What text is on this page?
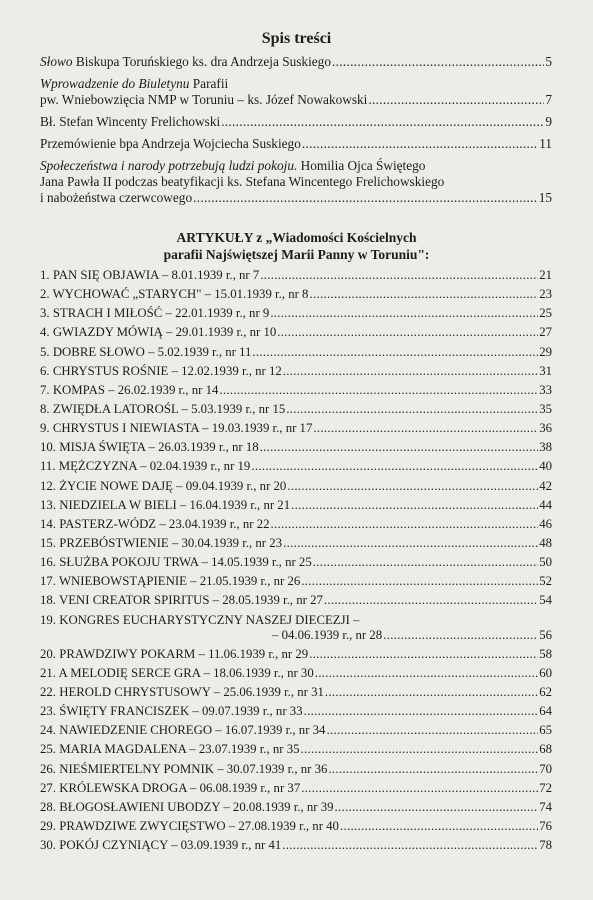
Spis treści
Słowo Biskupa Toruńskiego ks. dra Andrzeja Suskiego .....	5
Wprowadzenie do Biuletynu Parafii
pw. Wniebowzięcia NMP w Toruniu – ks. Józef Nowakowski .....	7
Bł. Stefan Wincenty Frelichowski .....	9
Przemówienie bpa Andrzeja Wojciecha Suskiego .....	11
Społeczeństwa i narody potrzebują ludzi pokoju. Homilia Ojca Świętego
Jana Pawła II podczas beatyfikacji ks. Stefana Wincentego Frelichowskiego
i nabożeństwa czerwcowego .....	15
ARTYKUŁY z „Wiadomości Kościelnych
parafii Najświętszej Marii Panny w Toruniu":
1. PAN SIĘ OBJAWIA – 8.01.1939 r., nr 7 .....	21
2. WYCHOWAĆ „STARYCH" – 15.01.1939 r., nr 8 .....	23
3. STRACH I MIŁOŚĆ – 22.01.1939 r., nr 9 .....	25
4. GWIAZDY MÓWIĄ – 29.01.1939 r., nr 10 .....	27
5. DOBRE SŁOWO – 5.02.1939 r., nr 11 .....	29
6. CHRYSTUS ROŚNIE – 12.02.1939 r., nr 12 .....	31
7. KOMPAS – 26.02.1939 r., nr 14 .....	33
8. ZWIĘDŁA LATOROŚL – 5.03.1939 r., nr 15 .....	35
9. CHRYSTUS I NIEWIASTA – 19.03.1939 r., nr 17 .....	36
10. MISJA ŚWIĘTA – 26.03.1939 r., nr 18 .....	38
11. MĘŻCZYZNA – 02.04.1939 r., nr 19 .....	40
12. ŻYCIE NOWE DAJĘ – 09.04.1939 r., nr 20 .....	42
13. NIEDZIELA W BIELI – 16.04.1939 r., nr 21 .....	44
14. PASTERZ-WÓDZ – 23.04.1939 r., nr 22 .....	46
15. PRZEBÓSTWIENIE – 30.04.1939 r., nr 23 .....	48
16. SŁUŻBA POKOJU TRWA – 14.05.1939 r., nr 25 .....	50
17. WNIEBOWSTĄPIENIE – 21.05.1939 r., nr 26 .....	52
18. VENI CREATOR SPIRITUS – 28.05.1939 r., nr 27 .....	54
19. KONGRES EUCHARYSTYCZNY NASZEJ DIECEZJI –
– 04.06.1939 r., nr 28 .....	56
20. PRAWDZIWY POKARM – 11.06.1939 r., nr 29 .....	58
21. A MELODIĘ SERCE GRA – 18.06.1939 r., nr 30 .....	60
22. HEROLD CHRYSTUSOWY – 25.06.1939 r., nr 31 .....	62
23. ŚWIĘTY FRANCISZEK – 09.07.1939 r., nr 33 .....	64
24. NAWIEDZENIE CHOREGO – 16.07.1939 r., nr 34 .....	65
25. MARIA MAGDALENA – 23.07.1939 r., nr 35 .....	68
26. NIEŚMIERTELNY POMNIK – 30.07.1939 r., nr 36 .....	70
27. KRÓLEWSKA DROGA – 06.08.1939 r., nr 37 .....	72
28. BŁOGOSŁAWIENI UBODZY – 20.08.1939 r., nr 39 .....	74
29. PRAWDZIWE ZWYCIĘSTWO – 27.08.1939 r., nr 40 .....	76
30. POKÓJ CZYNIĄCY – 03.09.1939 r., nr 41 .....	78
